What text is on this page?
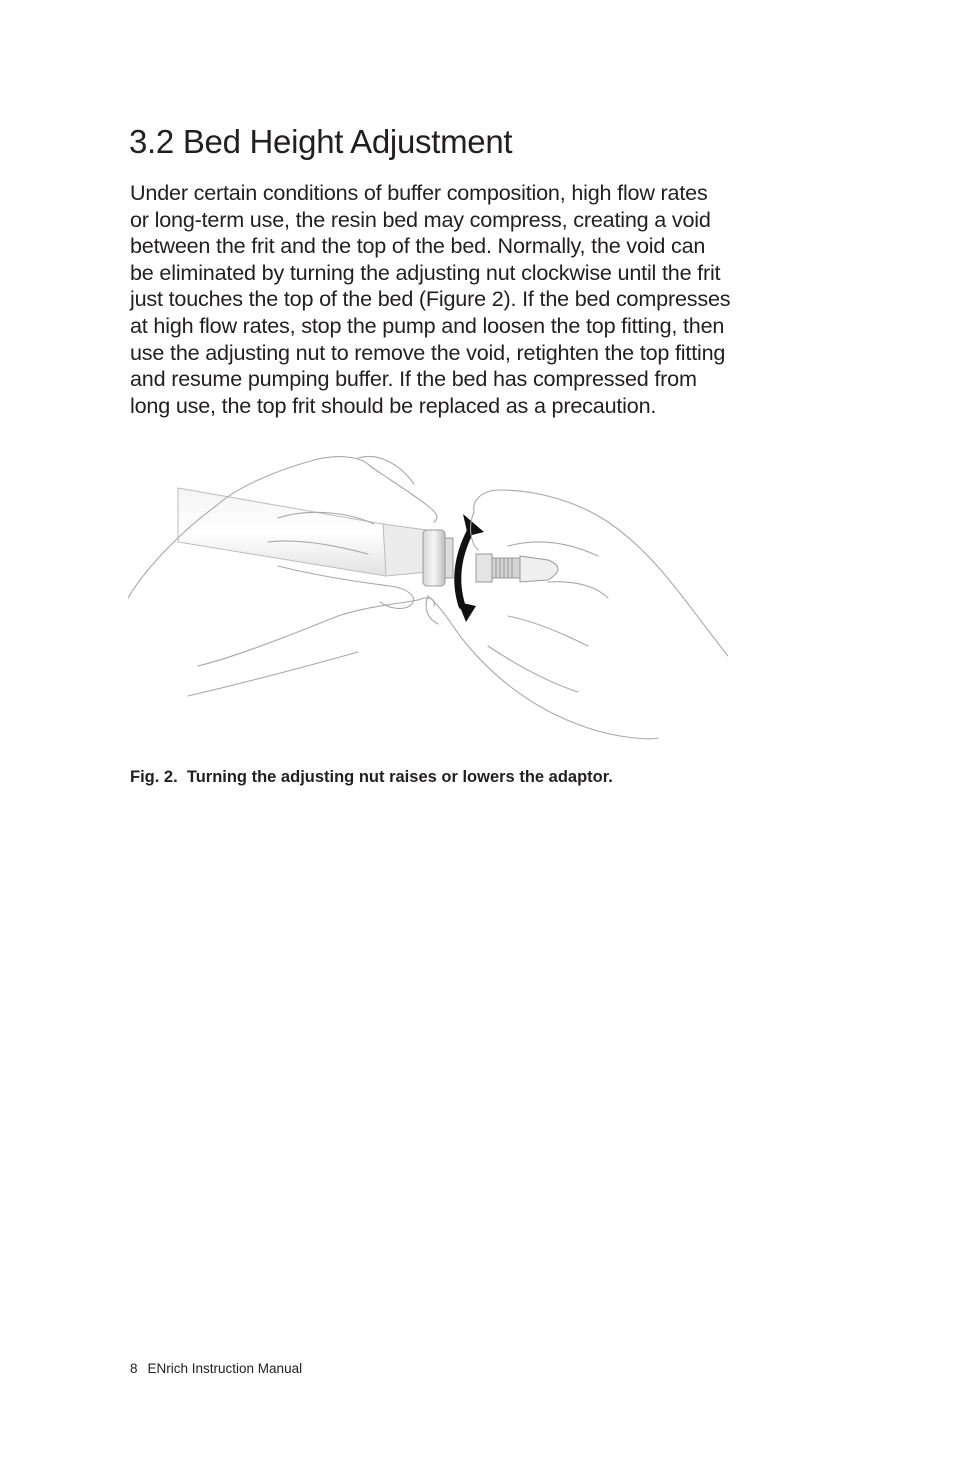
3.2 Bed Height Adjustment

Under certain conditions of buffer composition, high flow rates
or long-term use, the resin bed may compress, creating a void
between the frit and the top of the bed. Normally, the void can
be eliminated by turning the adjusting nut clockwise until the frit
just touches the top of the bed (Figure 2). If the bed compresses
at high flow rates, stop the pump and loosen the top fitting, then
use the adjusting nut to remove the void, retighten the top fitting
and resume pumping buffer. If the bed has compressed from
long use, the top frit should be replaced as a precaution.

Fig. 2.  Turning the adjusting nut raises or lowers the adaptor.

8 ENrich Instruction Manual
